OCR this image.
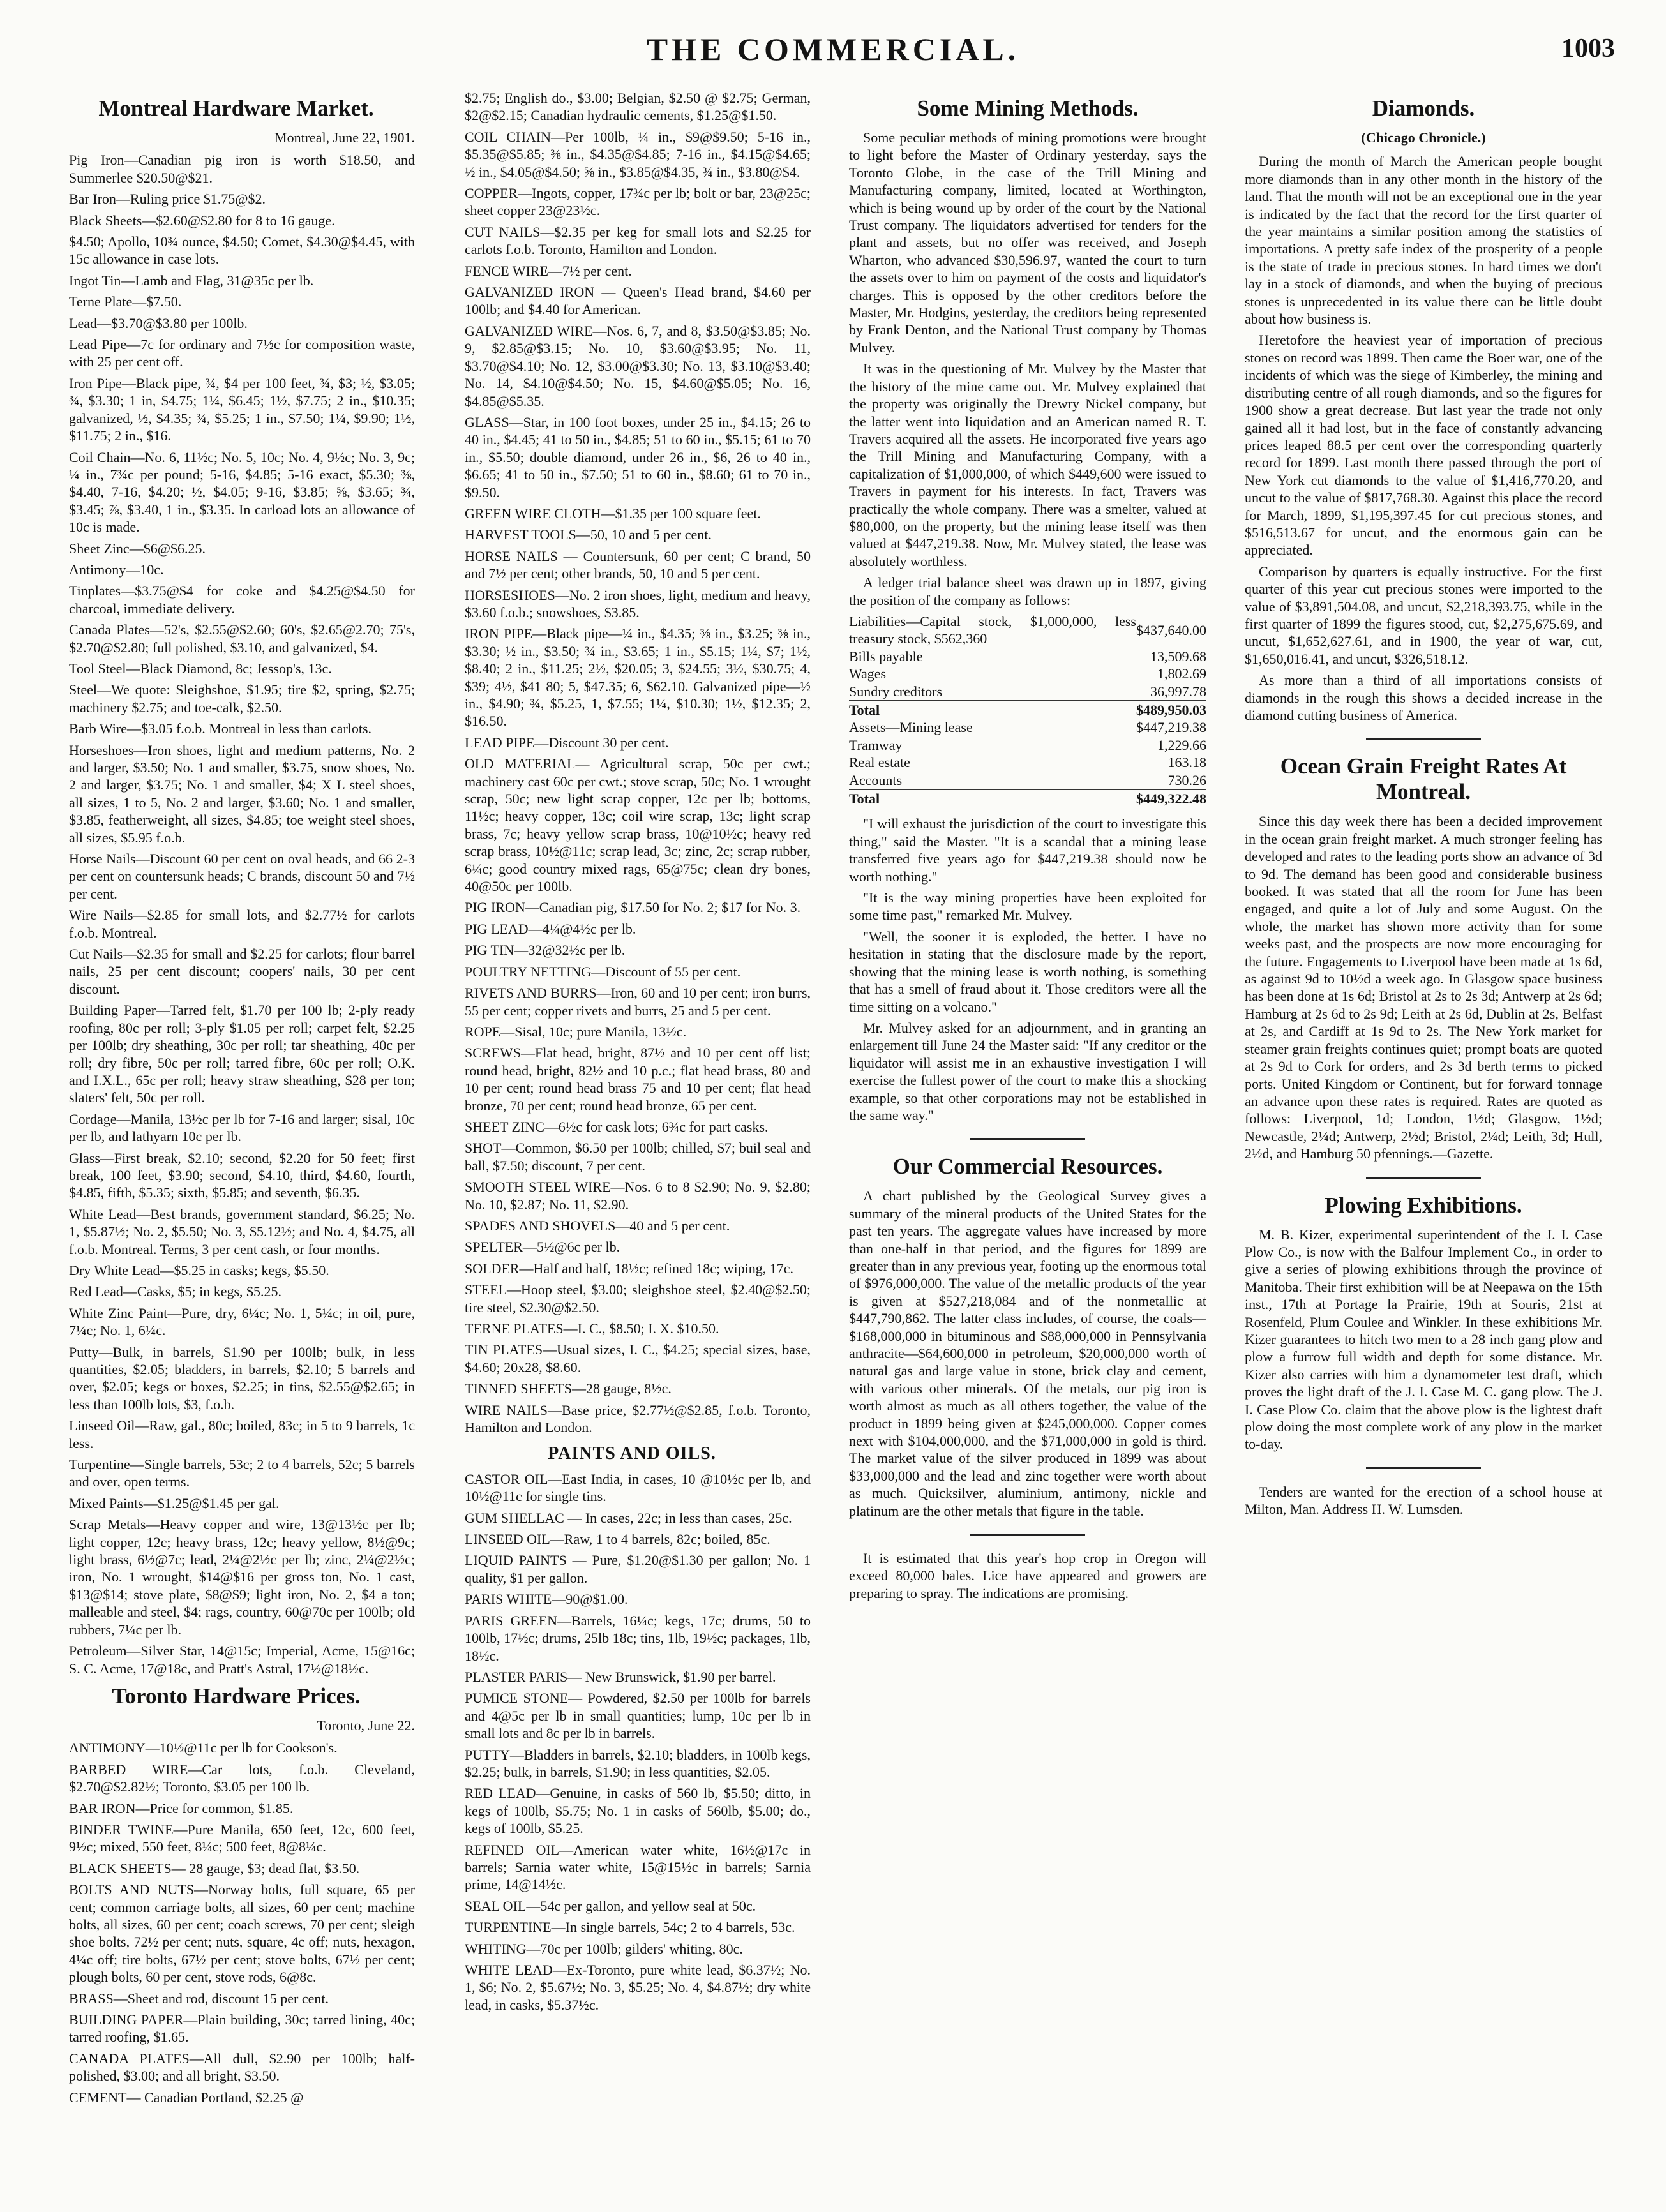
THE COMMERCIAL.	1003
Montreal Hardware Market.
Montreal, June 22, 1901.

Pig Iron—Canadian pig iron is worth $18.50, and Summerlee $20.50@$21.

Bar Iron—Ruling price $1.75@$2.

Black Sheets—$2.60@$2.80 for 8 to 16 gauge.

$4.50; Apollo, 10¾ ounce, $4.50; Comet, $4.30@$4.45, with 15c allowance in case lots.

Ingot Tin—Lamb and Flag, 31@35c per lb.

Terne Plate—$7.50.

Lead—$3.70@$3.80 per 100lb.

Lead Pipe—7c for ordinary and 7½c for composition waste, with 25 per cent off.

Iron Pipe—Black pipe, ¾, $4 per 100 feet, ¾, $3; ½, $3.05; ¾, $3.30; 1 in, $4.75; 1¼, $6.45; 1½, $7.75; 2 in., $10.35; galvanized, ½, $4.35; ¾, $5.25; 1 in., $7.50; 1¼, $9.90; 1½, $11.75; 2 in., $16.

Coil Chain—No. 6, 11½c; No. 5, 10c; No. 4, 9½c; No. 3, 9c; ¼ in., 7¾c per pound; 5-16, $4.85; 5-16 exact, $5.30; ⅜, $4.40, 7-16, $4.20; ½, $4.05; 9-16, $3.85; ⅝, $3.65; ¾, $3.45; ⅞, $3.40, 1 in., $3.35. In carload lots an allowance of 10c is made.

Sheet Zinc—$6@$6.25.

Antimony—10c.

Tinplates—$3.75@$4 for coke and $4.25@$4.50 for charcoal, immediate delivery.

Canada Plates—52's, $2.55@$2.60; 60's, $2.65@2.70; 75's, $2.70@$2.80; full polished, $3.10, and galvanized, $4.

Tool Steel—Black Diamond, 8c; Jessop's, 13c.

Steel—We quote: Sleighshoe, $1.95; tire $2, spring, $2.75; machinery $2.75; and toe-calk, $2.50.

Barb Wire—$3.05 f.o.b. Montreal in less than carlots.

Horseshoes—Iron shoes, light and medium patterns, No. 2 and larger, $3.50; No. 1 and smaller, $3.75, snow shoes, No. 2 and larger, $3.75; No. 1 and smaller, $4; X L steel shoes, all sizes, 1 to 5, No. 2 and larger, $3.60; No. 1 and smaller, $3.85, featherweight, all sizes, $4.85; toe weight steel shoes, all sizes, $5.95 f.o.b.

Horse Nails—Discount 60 per cent on oval heads, and 66 2-3 per cent on countersunk heads; C brands, discount 50 and 7½ per cent.

Wire Nails—$2.85 for small lots, and $2.77½ for carlots f.o.b. Montreal.

Cut Nails—$2.35 for small and $2.25 for carlots; flour barrel nails, 25 per cent discount; coopers' nails, 30 per cent discount.

Building Paper—Tarred felt, $1.70 per 100 lb; 2-ply ready roofing, 80c per roll; 3-ply $1.05 per roll; carpet felt, $2.25 per 100lb; dry sheathing, 30c per roll; tar sheathing, 40c per roll; dry fibre, 50c per roll; tarred fibre, 60c per roll; O.K. and I.X.L., 65c per roll; heavy straw sheathing, $28 per ton; slaters' felt, 50c per roll.

Cordage—Manila, 13½c per lb for 7-16 and larger; sisal, 10c per lb, and lathyarn 10c per lb.

Glass—First break, $2.10; second, $2.20 for 50 feet; first break, 100 feet, $3.90; second, $4.10, third, $4.60, fourth, $4.85, fifth, $5.35; sixth, $5.85; and seventh, $6.35.

White Lead—Best brands, government standard, $6.25; No. 1, $5.87½; No. 2, $5.50; No. 3, $5.12½; and No. 4, $4.75, all f.o.b. Montreal. Terms, 3 per cent cash, or four months.

Dry White Lead—$5.25 in casks; kegs, $5.50.

Red Lead—Casks, $5; in kegs, $5.25.

White Zinc Paint—Pure, dry, 6¼c; No. 1, 5¼c; in oil, pure, 7¼c; No. 1, 6¼c.

Putty—Bulk, in barrels, $1.90 per 100lb; bulk, in less quantities, $2.05; bladders, in barrels, $2.10; 5 barrels and over, $2.05; kegs or boxes, $2.25; in tins, $2.55@$2.65; in less than 100lb lots, $3, f.o.b.

Linseed Oil—Raw, gal., 80c; boiled, 83c; in 5 to 9 barrels, 1c less.

Turpentine—Single barrels, 53c; 2 to 4 barrels, 52c; 5 barrels and over, open terms.

Mixed Paints—$1.25@$1.45 per gal.

Scrap Metals—Heavy copper and wire, 13@13½c per lb; light copper, 12c; heavy brass, 12c; heavy yellow, 8½@9c; light brass, 6½@7c; lead, 2¼@2½c per lb; zinc, 2¼@2½c; iron, No. 1 wrought, $14@$16 per gross ton, No. 1 cast, $13@$14; stove plate, $8@$9; light iron, No. 2, $4 a ton; malleable and steel, $4; rags, country, 60@70c per 100lb; old rubbers, 7¼c per lb.

Petroleum—Silver Star, 14@15c; Imperial, Acme, 15@16c; S. C. Acme, 17@18c, and Pratt's Astral, 17½@18½c.

Toronto Hardware Prices.
Toronto, June 22.

ANTIMONY—10½@11c per lb for Cookson's.

BARBED WIRE—Car lots, f.o.b. Cleveland, $2.70@$2.82½; Toronto, $3.05 per 100 lb.

BAR IRON—Price for common, $1.85.

BINDER TWINE—Pure Manila, 650 feet, 12c, 600 feet, 9½c; mixed, 550 feet, 8¼c; 500 feet, 8@8¼c.

BLACK SHEETS— 28 gauge, $3; dead flat, $3.50.

BOLTS AND NUTS—Norway bolts, full square, 65 per cent; common carriage bolts, all sizes, 60 per cent; machine bolts, all sizes, 60 per cent; coach screws, 70 per cent; sleigh shoe bolts, 72½ per cent; nuts, square, 4c off; nuts, hexagon, 4¼c off; tire bolts, 67½ per cent; stove bolts, 67½ per cent; plough bolts, 60 per cent, stove rods, 6@8c.

BRASS—Sheet and rod, discount 15 per cent.

BUILDING PAPER—Plain building, 30c; tarred lining, 40c; tarred roofing, $1.65.

CANADA PLATES—All dull, $2.90 per 100lb; half-polished, $3.00; and all bright, $3.50.

CEMENT— Canadian Portland, $2.25 @

$2.75; English do., $3.00; Belgian, $2.50 @ $2.75; German, $2@$2.15; Canadian hydraulic cements, $1.25@$1.50.

COIL CHAIN—Per 100lb, ¼ in., $9@$9.50; 5-16 in., $5.35@$5.85; ⅜ in., $4.35@$4.85; 7-16 in., $4.15@$4.65; ½ in., $4.05@$4.50; ⅝ in., $3.85@$4.35, ¾ in., $3.80@$4.

COPPER—Ingots, copper, 17¾c per lb; bolt or bar, 23@25c; sheet copper 23@23½c.

CUT NAILS—$2.35 per keg for small lots and $2.25 for carlots f.o.b. Toronto, Hamilton and London.

FENCE WIRE—7½ per cent.

GALVANIZED IRON — Queen's Head brand, $4.60 per 100lb; and $4.40 for American.

GALVANIZED WIRE—Nos. 6, 7, and 8, $3.50@$3.85; No. 9, $2.85@$3.15; No. 10, $3.60@$3.95; No. 11, $3.70@$4.10; No. 12, $3.00@$3.30; No. 13, $3.10@$3.40; No. 14, $4.10@$4.50; No. 15, $4.60@$5.05; No. 16, $4.85@$5.35.

GLASS—Star, in 100 foot boxes, under 25 in., $4.15; 26 to 40 in., $4.45; 41 to 50 in., $4.85; 51 to 60 in., $5.15; 61 to 70 in., $5.50; double diamond, under 26 in., $6, 26 to 40 in., $6.65; 41 to 50 in., $7.50; 51 to 60 in., $8.60; 61 to 70 in., $9.50.

GREEN WIRE CLOTH—$1.35 per 100 square feet.

HARVEST TOOLS—50, 10 and 5 per cent.

HORSE NAILS — Countersunk, 60 per cent; C brand, 50 and 7½ per cent; other brands, 50, 10 and 5 per cent.

HORSESHOES—No. 2 iron shoes, light, medium and heavy, $3.60 f.o.b.; snowshoes, $3.85.

IRON PIPE—Black pipe—¼ in., $4.35; ⅜ in., $3.25; ⅜ in., $3.30; ½ in., $3.50; ¾ in., $3.65; 1 in., $5.15; 1¼, $7; 1½, $8.40; 2 in., $11.25; 2½, $20.05; 3, $24.55; 3½, $30.75; 4, $39; 4½, $41 80; 5, $47.35; 6, $62.10. Galvanized pipe—½ in., $4.90; ¾, $5.25, 1, $7.55; 1¼, $10.30; 1½, $12.35; 2, $16.50.

LEAD PIPE—Discount 30 per cent.

OLD MATERIAL— Agricultural scrap, 50c per cwt.; machinery cast 60c per cwt.; stove scrap, 50c; No. 1 wrought scrap, 50c; new light scrap copper, 12c per lb; bottoms, 11½c; heavy copper, 13c; coil wire scrap, 13c; light scrap brass, 7c; heavy yellow scrap brass, 10@10½c; heavy red scrap brass, 10½@11c; scrap lead, 3c; zinc, 2c; scrap rubber, 6¼c; good country mixed rags, 65@75c; clean dry bones, 40@50c per 100lb.

PIG IRON—Canadian pig, $17.50 for No. 2; $17 for No. 3.

PIG LEAD—4¼@4½c per lb.

PIG TIN—32@32½c per lb.

POULTRY NETTING—Discount of 55 per cent.

RIVETS AND BURRS—Iron, 60 and 10 per cent; iron burrs, 55 per cent; copper rivets and burrs, 25 and 5 per cent.

ROPE—Sisal, 10c; pure Manila, 13½c.

SCREWS—Flat head, bright, 87½ and 10 per cent off list; round head, bright, 82½ and 10 p.c.; flat head brass, 80 and 10 per cent; round head brass 75 and 10 per cent; flat head bronze, 70 per cent; round head bronze, 65 per cent.

SHEET ZINC—6½c for cask lots; 6¾c for part casks.

SHOT—Common, $6.50 per 100lb; chilled, $7; buil seal and ball, $7.50; discount, 7 per cent.

SMOOTH STEEL WIRE—Nos. 6 to 8 $2.90; No. 9, $2.80; No. 10, $2.87; No. 11, $2.90.

SPADES AND SHOVELS—40 and 5 per cent.

SPELTER—5½@6c per lb.

SOLDER—Half and half, 18½c; refined 18c; wiping, 17c.

STEEL—Hoop steel, $3.00; sleighshoe steel, $2.40@$2.50; tire steel, $2.30@$2.50.

TERNE PLATES—I. C., $8.50; I. X. $10.50.

TIN PLATES—Usual sizes, I. C., $4.25; special sizes, base, $4.60; 20x28, $8.60.

TINNED SHEETS—28 gauge, 8½c.

WIRE NAILS—Base price, $2.77½@$2.85, f.o.b. Toronto, Hamilton and London.

PAINTS AND OILS.

CASTOR OIL—East India, in cases, 10 @10½c per lb, and 10½@11c for single tins.

GUM SHELLAC — In cases, 22c; in less than cases, 25c.

LINSEED OIL—Raw, 1 to 4 barrels, 82c; boiled, 85c.

LIQUID PAINTS — Pure, $1.20@$1.30 per gallon; No. 1 quality, $1 per gallon.

PARIS WHITE—90@$1.00.

PARIS GREEN—Barrels, 16¼c; kegs, 17c; drums, 50 to 100lb, 17½c; drums, 25lb 18c; tins, 1lb, 19½c; packages, 1lb, 18½c.

PLASTER PARIS— New Brunswick, $1.90 per barrel.

PUMICE STONE— Powdered, $2.50 per 100lb for barrels and 4@5c per lb in small quantities; lump, 10c per lb in small lots and 8c per lb in barrels.

PUTTY—Bladders in barrels, $2.10; bladders, in 100lb kegs, $2.25; bulk, in barrels, $1.90; in less quantities, $2.05.

RED LEAD—Genuine, in casks of 560 lb, $5.50; ditto, in kegs of 100lb, $5.75; No. 1 in casks of 560lb, $5.00; do., kegs of 100lb, $5.25.

REFINED OIL—American water white, 16½@17c in barrels; Sarnia water white, 15@15½c in barrels; Sarnia prime, 14@14½c.

SEAL OIL—54c per gallon, and yellow seal at 50c.

TURPENTINE—In single barrels, 54c; 2 to 4 barrels, 53c.

WHITING—70c per 100lb; gilders' whiting, 80c.

WHITE LEAD—Ex-Toronto, pure white lead, $6.37½; No. 1, $6; No. 2, $5.67½; No. 3, $5.25; No. 4, $4.87½; dry white lead, in casks, $5.37½c.

Some Mining Methods.

Some peculiar methods of mining promotions were brought to light before the Master of Ordinary yesterday, says the Toronto Globe, in the case of the Trill Mining and Manufacturing company, limited, located at Worthington, which is being wound up by order of the court by the National Trust company. The liquidators advertised for tenders for the plant and assets, but no offer was received, and Joseph Wharton, who advanced $30,596.97, wanted the court to turn the assets over to him on payment of the costs and liquidator's charges. This is opposed by the other creditors before the Master, Mr. Hodgins, yesterday, the creditors being represented by Frank Denton, and the National Trust company by Thomas Mulvey.

It was in the questioning of Mr. Mulvey by the Master that the history of the mine came out. Mr. Mulvey explained that the property was originally the Drewry Nickel company, but the latter went into liquidation and an American named R. T. Travers acquired all the assets. He incorporated five years ago the Trill Mining and Manufacturing Company, with a capitalization of $1,000,000, of which $449,600 were issued to Travers in payment for his interests. In fact, Travers was practically the whole company. There was a smelter, valued at $80,000, on the property, but the mining lease itself was then valued at $447,219.38. Now, Mr. Mulvey stated, the lease was absolutely worthless.

A ledger trial balance sheet was drawn up in 1897, giving the position of the company as follows:

Liabilities—Capital stock, $1,000,000, less treasury stock, $562,360	$437,640.00
Bills payable	13,509.68
Wages	1,802.69
Sundry creditors	36,997.78
Total	$489,950.03
Assets—Mining lease	$447,219.38
Tramway	1,229.66
Real estate	163.18
Accounts	730.26
Total	$449,322.48

"I will exhaust the jurisdiction of the court to investigate this thing," said the Master. "It is a scandal that a mining lease transferred five years ago for $447,219.38 should now be worth nothing."

"It is the way mining properties have been exploited for some time past," remarked Mr. Mulvey.

"Well, the sooner it is exploded, the better. I have no hesitation in stating that the disclosure made by the report, showing that the mining lease is worth nothing, is something that has a smell of fraud about it. Those creditors were all the time sitting on a volcano."

Mr. Mulvey asked for an adjournment, and in granting an enlargement till June 24 the Master said: "If any creditor or the liquidator will assist me in an exhaustive investigation I will exercise the fullest power of the court to make this a shocking example, so that other corporations may not be established in the same way."

Our Commercial Resources.

A chart published by the Geological Survey gives a summary of the mineral products of the United States for the past ten years. The aggregate values have increased by more than one-half in that period, and the figures for 1899 are greater than in any previous year, footing up the enormous total of $976,000,000. The value of the metallic products of the year is given at $527,218,084 and of the nonmetallic at $447,790,862. The latter class includes, of course, the coals—$168,000,000 in bituminous and $88,000,000 in Pennsylvania anthracite—$64,600,000 in petroleum, $20,000,000 worth of natural gas and large value in stone, brick clay and cement, with various other minerals. Of the metals, our pig iron is worth almost as much as all others together, the value of the product in 1899 being given at $245,000,000. Copper comes next with $104,000,000, and the $71,000,000 in gold is third. The market value of the silver produced in 1899 was about $33,000,000 and the lead and zinc together were worth about as much. Quicksilver, aluminium, antimony, nickle and platinum are the other metals that figure in the table.

It is estimated that this year's hop crop in Oregon will exceed 80,000 bales. Lice have appeared and growers are preparing to spray. The indications are promising.

Diamonds.
(Chicago Chronicle.)

During the month of March the American people bought more diamonds than in any other month in the history of the land. That the month will not be an exceptional one in the year is indicated by the fact that the record for the first quarter of the year maintains a similar position among the statistics of importations. A pretty safe index of the prosperity of a people is the state of trade in precious stones. In hard times we don't lay in a stock of diamonds, and when the buying of precious stones is unprecedented in its value there can be little doubt about how business is.

Heretofore the heaviest year of importation of precious stones on record was 1899. Then came the Boer war, one of the incidents of which was the siege of Kimberley, the mining and distributing centre of all rough diamonds, and so the figures for 1900 show a great decrease. But last year the trade not only gained all it had lost, but in the face of constantly advancing prices leaped 88.5 per cent over the corresponding quarterly record for 1899. Last month there passed through the port of New York cut diamonds to the value of $1,416,770.20, and uncut to the value of $817,768.30. Against this place the record for March, 1899, $1,195,397.45 for cut precious stones, and $516,513.67 for uncut, and the enormous gain can be appreciated.

Comparison by quarters is equally instructive. For the first quarter of this year cut precious stones were imported to the value of $3,891,504.08, and uncut, $2,218,393.75, while in the first quarter of 1899 the figures stood, cut, $2,275,675.69, and uncut, $1,652,627.61, and in 1900, the year of war, cut, $1,650,016.41, and uncut, $326,518.12.

As more than a third of all importations consists of diamonds in the rough this shows a decided increase in the diamond cutting business of America.

Ocean Grain Freight Rates At Montreal.

Since this day week there has been a decided improvement in the ocean grain freight market. A much stronger feeling has developed and rates to the leading ports show an advance of 3d to 9d. The demand has been good and considerable business booked. It was stated that all the room for June has been engaged, and quite a lot of July and some August. On the whole, the market has shown more activity than for some weeks past, and the prospects are now more encouraging for the future. Engagements to Liverpool have been made at 1s 6d, as against 9d to 10½d a week ago. In Glasgow space business has been done at 1s 6d; Bristol at 2s to 2s 3d; Antwerp at 2s 6d; Hamburg at 2s 6d to 2s 9d; Leith at 2s 6d, Dublin at 2s, Belfast at 2s, and Cardiff at 1s 9d to 2s. The New York market for steamer grain freights continues quiet; prompt boats are quoted at 2s 9d to Cork for orders, and 2s 3d berth terms to picked ports. United Kingdom or Continent, but for forward tonnage an advance upon these rates is required. Rates are quoted as follows: Liverpool, 1d; London, 1½d; Glasgow, 1½d; Newcastle, 2¼d; Antwerp, 2½d; Bristol, 2¼d; Leith, 3d; Hull, 2½d, and Hamburg 50 pfennings.—Gazette.

Plowing Exhibitions.

M. B. Kizer, experimental superintendent of the J. I. Case Plow Co., is now with the Balfour Implement Co., in order to give a series of plowing exhibitions through the province of Manitoba. Their first exhibition will be at Neepawa on the 15th inst., 17th at Portage la Prairie, 19th at Souris, 21st at Rosenfeld, Plum Coulee and Winkler. In these exhibitions Mr. Kizer guarantees to hitch two men to a 28 inch gang plow and plow a furrow full width and depth for some distance. Mr. Kizer also carries with him a dynamometer test draft, which proves the light draft of the J. I. Case M. C. gang plow. The J. I. Case Plow Co. claim that the above plow is the lightest draft plow doing the most complete work of any plow in the market to-day.

Tenders are wanted for the erection of a school house at Milton, Man. Address H. W. Lumsden.
